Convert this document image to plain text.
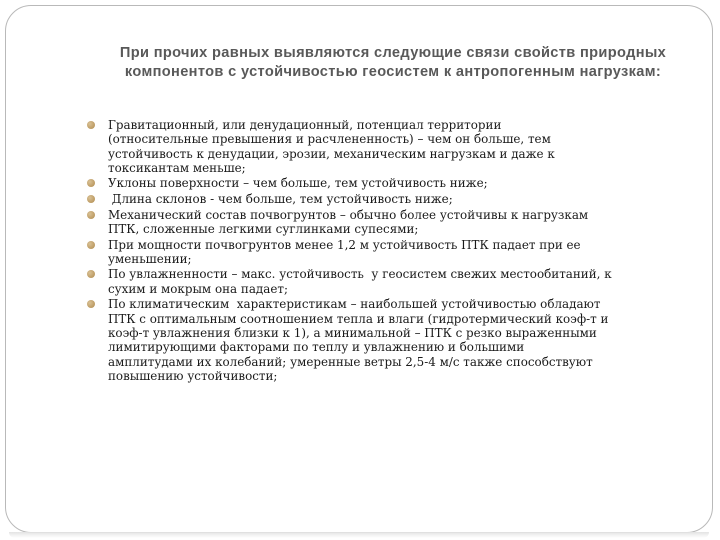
При прочих равных выявляются следующие связи свойств природных
компонентов с устойчивостью геосистем к антропогенным нагрузкам:
Гравитационный, или денудационный, потенциал территории
(относительные превышения и расчлененность) – чем он больше, тем
устойчивость к денудации, эрозии, механическим нагрузкам и даже к
токсикантам меньше;
Уклоны поверхности – чем больше, тем устойчивость ниже;
Длина склонов - чем больше, тем устойчивость ниже;
Механический состав почвогрунтов – обычно более устойчивы к нагрузкам
ПТК, сложенные легкими суглинками супесями;
При мощности почвогрунтов менее 1,2 м устойчивость ПТК падает при ее
уменьшении;
По увлажненности – макс. устойчивость  у геосистем свежих местообитаний, к
сухим и мокрым она падает;
По климатическим  характеристикам – наибольшей устойчивостью обладают
ПТК с оптимальным соотношением тепла и влаги (гидротермический коэф-т и
коэф-т увлажнения близки к 1), а минимальной – ПТК с резко выраженными
лимитирующими факторами по теплу и увлажнению и большими
амплитудами их колебаний; умеренные ветры 2,5-4 м/с также способствуют
повышению устойчивости;
